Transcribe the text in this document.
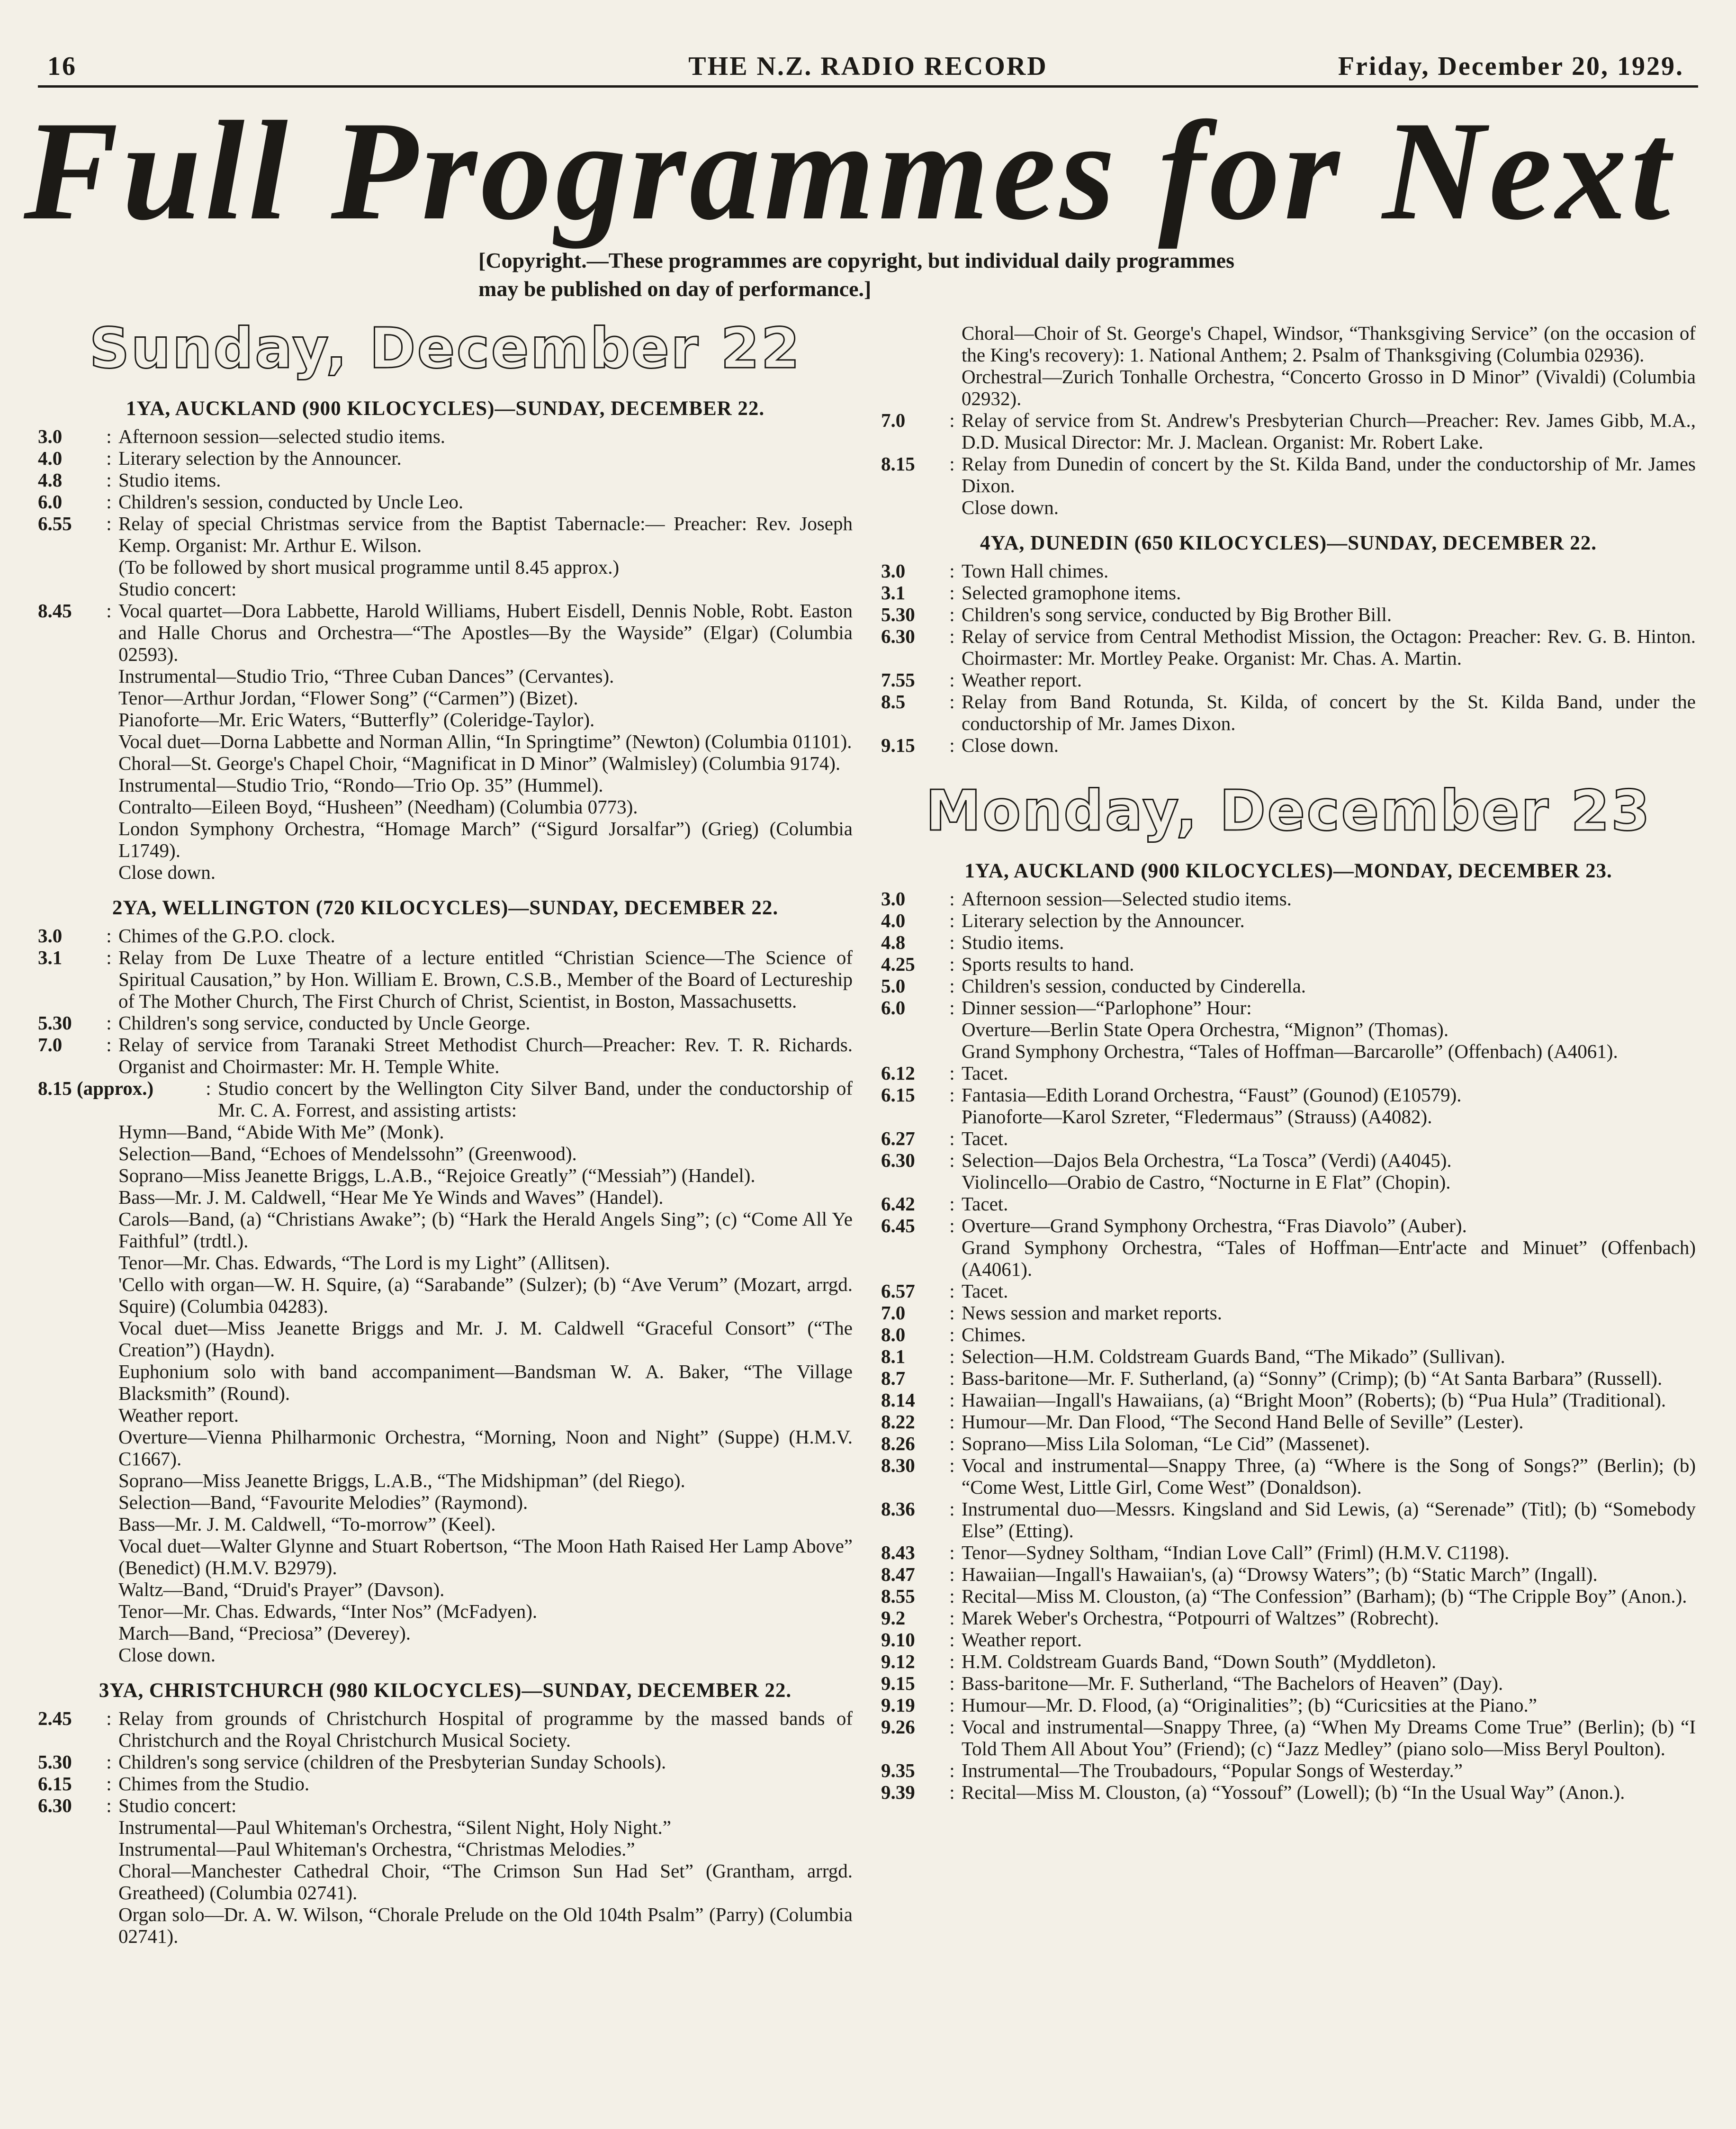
16	THE N.Z. RADIO RECORD	Friday, December 20, 1929.
Full Programmes for Next
[Copyright.—These programmes are copyright, but individual daily programmes may be published on day of performance.]
Sunday, December 22
1YA, AUCKLAND (900 KILOCYCLES)—SUNDAY, DECEMBER 22.
3.0	: Afternoon session—selected studio items.
4.0	: Literary selection by the Announcer.
4.8	: Studio items.
6.0	: Children's session, conducted by Uncle Leo.
6.55	: Relay of special Christmas service from the Baptist Tabernacle:— Preacher: Rev. Joseph Kemp. Organist: Mr. Arthur E. Wilson.
(To be followed by short musical programme until 8.45 approx.)
Studio concert:
8.45	: Vocal quartet—Dora Labbette, Harold Williams, Hubert Eisdell, Dennis Noble, Robt. Easton and Halle Chorus and Orchestra—“The Apostles—By the Wayside” (Elgar) (Columbia 02593).
Instrumental—Studio Trio, “Three Cuban Dances” (Cervantes).
Tenor—Arthur Jordan, “Flower Song” (“Carmen”) (Bizet).
Pianoforte—Mr. Eric Waters, “Butterfly” (Coleridge-Taylor).
Vocal duet—Dorna Labbette and Norman Allin, “In Springtime” (Newton) (Columbia 01101).
Choral—St. George's Chapel Choir, “Magnificat in D Minor” (Walmisley) (Columbia 9174).
Instrumental—Studio Trio, “Rondo—Trio Op. 35” (Hummel).
Contralto—Eileen Boyd, “Husheen” (Needham) (Columbia 0773).
London Symphony Orchestra, “Homage March” (“Sigurd Jorsalfar”) (Grieg) (Columbia L1749).
Close down.
2YA, WELLINGTON (720 KILOCYCLES)—SUNDAY, DECEMBER 22.
3.0	: Chimes of the G.P.O. clock.
3.1	: Relay from De Luxe Theatre of a lecture entitled “Christian Science—The Science of Spiritual Causation,” by Hon. William E. Brown, C.S.B., Member of the Board of Lectureship of The Mother Church, The First Church of Christ, Scientist, in Boston, Massachusetts.
5.30	: Children's song service, conducted by Uncle George.
7.0	: Relay of service from Taranaki Street Methodist Church—Preacher: Rev. T. R. Richards. Organist and Choirmaster: Mr. H. Temple White.
8.15 (approx.)	: Studio concert by the Wellington City Silver Band, under the conductorship of Mr. C. A. Forrest, and assisting artists:
Hymn—Band, “Abide With Me” (Monk).
Selection—Band, “Echoes of Mendelssohn” (Greenwood).
Soprano—Miss Jeanette Briggs, L.A.B., “Rejoice Greatly” (“Messiah”) (Handel).
Bass—Mr. J. M. Caldwell, “Hear Me Ye Winds and Waves” (Handel).
Carols—Band, (a) “Christians Awake”; (b) “Hark the Herald Angels Sing”; (c) “Come All Ye Faithful” (trdtl.).
Tenor—Mr. Chas. Edwards, “The Lord is my Light” (Allitsen).
'Cello with organ—W. H. Squire, (a) “Sarabande” (Sulzer); (b) “Ave Verum” (Mozart, arrgd. Squire) (Columbia 04283).
Vocal duet—Miss Jeanette Briggs and Mr. J. M. Caldwell “Graceful Consort” (“The Creation”) (Haydn).
Euphonium solo with band accompaniment—Bandsman W. A. Baker, “The Village Blacksmith” (Round).
Weather report.
Overture—Vienna Philharmonic Orchestra, “Morning, Noon and Night” (Suppe) (H.M.V. C1667).
Soprano—Miss Jeanette Briggs, L.A.B., “The Midshipman” (del Riego).
Selection—Band, “Favourite Melodies” (Raymond).
Bass—Mr. J. M. Caldwell, “To-morrow” (Keel).
Vocal duet—Walter Glynne and Stuart Robertson, “The Moon Hath Raised Her Lamp Above” (Benedict) (H.M.V. B2979).
Waltz—Band, “Druid's Prayer” (Davson).
Tenor—Mr. Chas. Edwards, “Inter Nos” (McFadyen).
March—Band, “Preciosa” (Deverey).
Close down.
3YA, CHRISTCHURCH (980 KILOCYCLES)—SUNDAY, DECEMBER 22.
2.45	: Relay from grounds of Christchurch Hospital of programme by the massed bands of Christchurch and the Royal Christchurch Musical Society.
5.30	: Children's song service (children of the Presbyterian Sunday Schools).
6.15	: Chimes from the Studio.
6.30	: Studio concert:
Instrumental—Paul Whiteman's Orchestra, “Silent Night, Holy Night.”
Instrumental—Paul Whiteman's Orchestra, “Christmas Melodies.”
Choral—Manchester Cathedral Choir, “The Crimson Sun Had Set” (Grantham, arrgd. Greatheed) (Columbia 02741).
Organ solo—Dr. A. W. Wilson, “Chorale Prelude on the Old 104th Psalm” (Parry) (Columbia 02741).
Choral—Choir of St. George's Chapel, Windsor, “Thanksgiving Service” (on the occasion of the King's recovery): 1. National Anthem; 2. Psalm of Thanksgiving (Columbia 02936).
Orchestral—Zurich Tonhalle Orchestra, “Concerto Grosso in D Minor” (Vivaldi) (Columbia 02932).
7.0	: Relay of service from St. Andrew's Presbyterian Church—Preacher: Rev. James Gibb, M.A., D.D. Musical Director: Mr. J. Maclean. Organist: Mr. Robert Lake.
8.15	: Relay from Dunedin of concert by the St. Kilda Band, under the conductorship of Mr. James Dixon.
Close down.
4YA, DUNEDIN (650 KILOCYCLES)—SUNDAY, DECEMBER 22.
3.0	: Town Hall chimes.
3.1	: Selected gramophone items.
5.30	: Children's song service, conducted by Big Brother Bill.
6.30	: Relay of service from Central Methodist Mission, the Octagon: Preacher: Rev. G. B. Hinton. Choirmaster: Mr. Mortley Peake. Organist: Mr. Chas. A. Martin.
7.55	: Weather report.
8.5	: Relay from Band Rotunda, St. Kilda, of concert by the St. Kilda Band, under the conductorship of Mr. James Dixon.
9.15	: Close down.
Monday, December 23
1YA, AUCKLAND (900 KILOCYCLES)—MONDAY, DECEMBER 23.
3.0	: Afternoon session—Selected studio items.
4.0	: Literary selection by the Announcer.
4.8	: Studio items.
4.25	: Sports results to hand.
5.0	: Children's session, conducted by Cinderella.
6.0	: Dinner session—“Parlophone” Hour:
Overture—Berlin State Opera Orchestra, “Mignon” (Thomas).
Grand Symphony Orchestra, “Tales of Hoffman—Barcarolle” (Offenbach) (A4061).
6.12	: Tacet.
6.15	: Fantasia—Edith Lorand Orchestra, “Faust” (Gounod) (E10579).
Pianoforte—Karol Szreter, “Fledermaus” (Strauss) (A4082).
6.27	: Tacet.
6.30	: Selection—Dajos Bela Orchestra, “La Tosca” (Verdi) (A4045).
Violincello—Orabio de Castro, “Nocturne in E Flat” (Chopin).
6.42	: Tacet.
6.45	: Overture—Grand Symphony Orchestra, “Fras Diavolo” (Auber).
Grand Symphony Orchestra, “Tales of Hoffman—Entr'acte and Minuet” (Offenbach) (A4061).
6.57	: Tacet.
7.0	: News session and market reports.
8.0	: Chimes.
8.1	: Selection—H.M. Coldstream Guards Band, “The Mikado” (Sullivan).
8.7	: Bass-baritone—Mr. F. Sutherland, (a) “Sonny” (Crimp); (b) “At Santa Barbara” (Russell).
8.14	: Hawaiian—Ingall's Hawaiians, (a) “Bright Moon” (Roberts); (b) “Pua Hula” (Traditional).
8.22	: Humour—Mr. Dan Flood, “The Second Hand Belle of Seville” (Lester).
8.26	: Soprano—Miss Lila Soloman, “Le Cid” (Massenet).
8.30	: Vocal and instrumental—Snappy Three, (a) “Where is the Song of Songs?” (Berlin); (b) “Come West, Little Girl, Come West” (Donaldson).
8.36	: Instrumental duo—Messrs. Kingsland and Sid Lewis, (a) “Serenade” (Titl); (b) “Somebody Else” (Etting).
8.43	: Tenor—Sydney Soltham, “Indian Love Call” (Friml) (H.M.V. C1198).
8.47	: Hawaiian—Ingall's Hawaiian's, (a) “Drowsy Waters”; (b) “Static March” (Ingall).
8.55	: Recital—Miss M. Clouston, (a) “The Confession” (Barham); (b) “The Cripple Boy” (Anon.).
9.2	: Marek Weber's Orchestra, “Potpourri of Waltzes” (Robrecht).
9.10	: Weather report.
9.12	: H.M. Coldstream Guards Band, “Down South” (Myddleton).
9.15	: Bass-baritone—Mr. F. Sutherland, “The Bachelors of Heaven” (Day).
9.19	: Humour—Mr. D. Flood, (a) “Originalities”; (b) “Curicsities at the Piano.”
9.26	: Vocal and instrumental—Snappy Three, (a) “When My Dreams Come True” (Berlin); (b) “I Told Them All About You” (Friend); (c) “Jazz Medley” (piano solo—Miss Beryl Poulton).
9.35	: Instrumental—The Troubadours, “Popular Songs of Westerday.”
9.39	: Recital—Miss M. Clouston, (a) “Yossouf” (Lowell); (b) “In the Usual Way” (Anon.).
